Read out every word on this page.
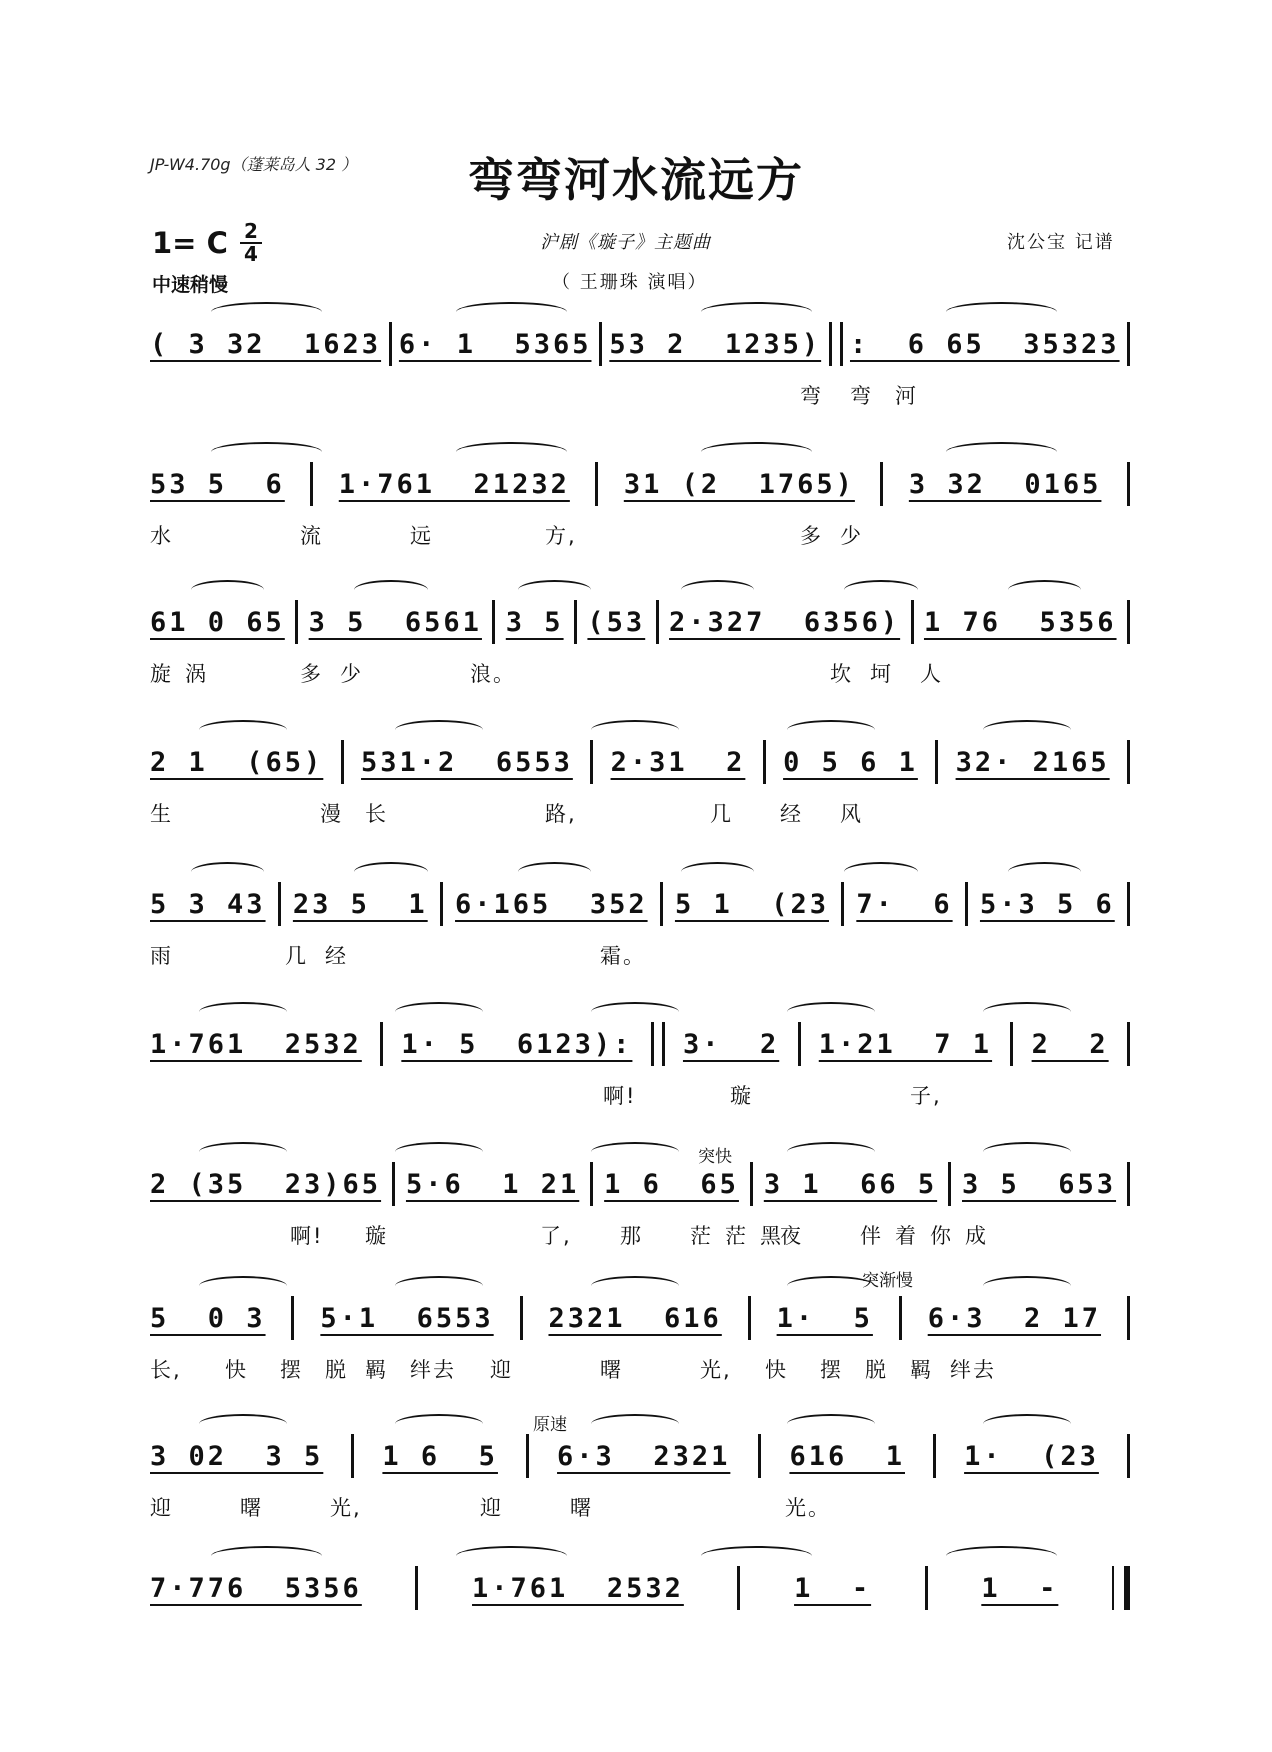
JP-W4.70g（蓬莱岛人 32 ）	弯弯河水流远方
1= C 2
4
中速稍慢
沪剧《璇子》主题曲
（ 王珊珠 演唱）
沈公宝 记谱
( 3 32  1623 6· 1  5365 53 2  1235) :  6 65  35323
弯 弯 河
53 5  6 1·761  21232 31 (2  1765) 3 32  0165
水	流	远	方,	多 少
61 0 65 3 5  6561 3 5 (53 2·327  6356) 1 76  5356
旋 涡	多 少	浪。	坎 坷 人
2 1  (65) 531·2  6553 2·31  2 0 5 6 1 32· 2165
生	漫 长	路,	几 经 风
5 3 43 23 5  1 6·165  352 5 1  (23 7·  6 5·3 5 6
雨	几 经	霜。
1·761  2532 1· 5  6123): 3·  2 1·21  7 1 2  2
啊!	璇	子,
2 (35  23)65 5·6  1 21 1 6  65 3 1  66 5 3 5  653
啊! 璇	了, 那 茫 茫 黑
夜	伴 着 你 成
5  0 3 5·1  6553 2321  616 1·  5 6·3  2 17
长, 快 摆 脱 羁 绊去 迎	曙	光, 快 摆 脱 羁 绊去
3 02  3 5 1 6  5 6·3  2321 616  1 1·  (23
迎	曙	光,	迎	曙	光。
7·776  5356	1·761  2532	1  -	1  -
突快
突渐慢
原速
